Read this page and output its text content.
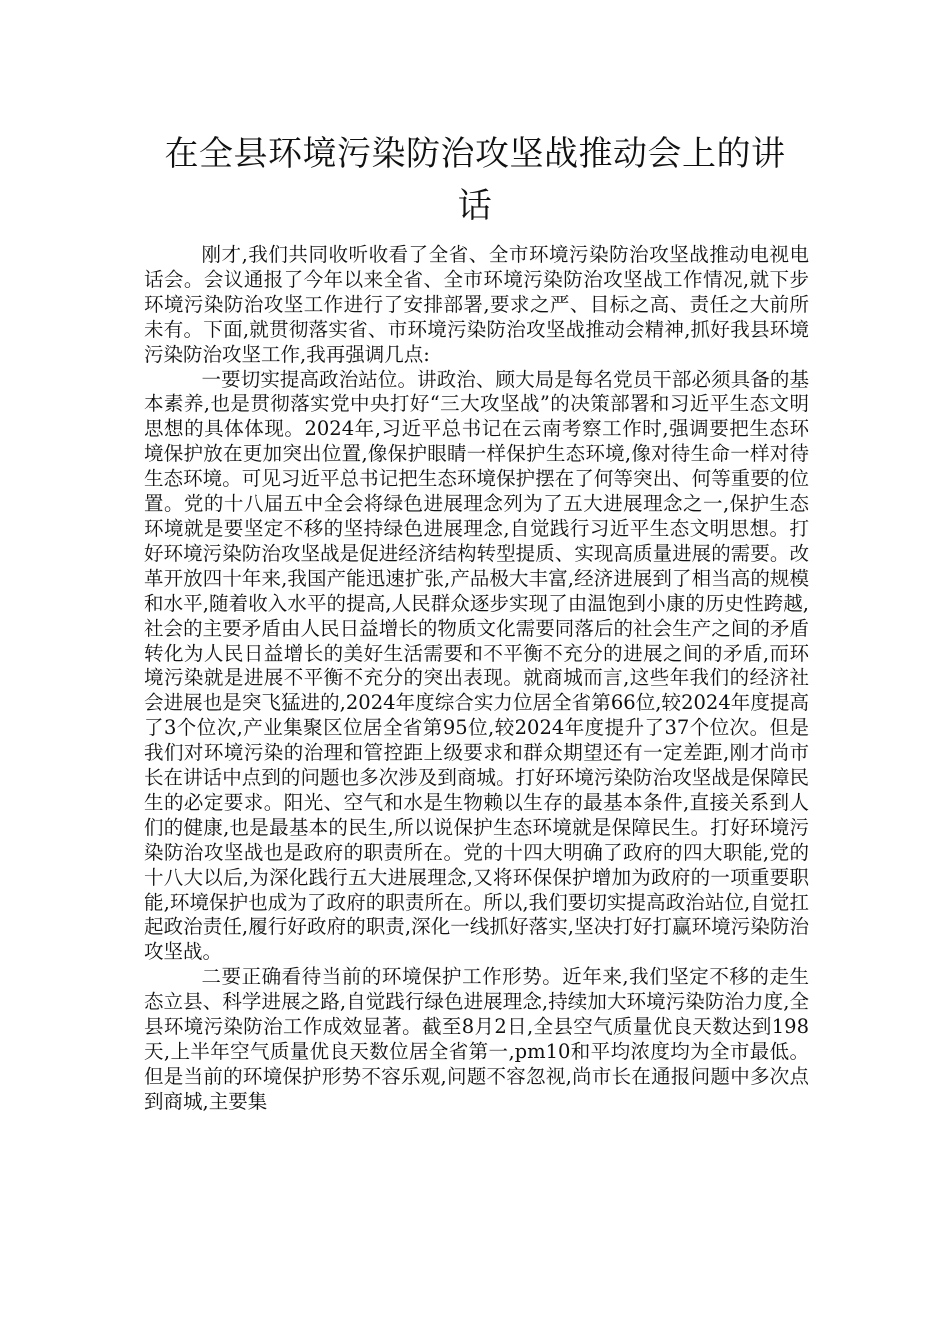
在全县环境污染防治攻坚战推动会上的讲话

刚才,我们共同收听收看了全省、全市环境污染防治攻坚战推动电视电话会。会议通报了今年以来全省、全市环境污染防治攻坚战工作情况,就下步环境污染防治攻坚工作进行了安排部署,要求之严、目标之高、责任之大前所未有。下面,就贯彻落实省、市环境污染防治攻坚战推动会精神,抓好我县环境污染防治攻坚工作,我再强调几点:

一要切实提高政治站位。讲政治、顾大局是每名党员干部必须具备的基本素养,也是贯彻落实党中央打好“三大攻坚战”的决策部署和习近平生态文明思想的具体体现。2024年,习近平总书记在云南考察工作时,强调要把生态环境保护放在更加突出位置,像保护眼睛一样保护生态环境,像对待生命一样对待生态环境。可见习近平总书记把生态环境保护摆在了何等突出、何等重要的位置。党的十八届五中全会将绿色进展理念列为了五大进展理念之一,保护生态环境就是要坚定不移的坚持绿色进展理念,自觉践行习近平生态文明思想。打好环境污染防治攻坚战是促进经济结构转型提质、实现高质量进展的需要。改革开放四十年来,我国产能迅速扩张,产品极大丰富,经济进展到了相当高的规模和水平,随着收入水平的提高,人民群众逐步实现了由温饱到小康的历史性跨越,社会的主要矛盾由人民日益增长的物质文化需要同落后的社会生产之间的矛盾转化为人民日益增长的美好生活需要和不平衡不充分的进展之间的矛盾,而环境污染就是进展不平衡不充分的突出表现。就商城而言,这些年我们的经济社会进展也是突飞猛进的,2024年度综合实力位居全省第66位,较2024年度提高了3个位次,产业集聚区位居全省第95位,较2024年度提升了37个位次。但是我们对环境污染的治理和管控距上级要求和群众期望还有一定差距,刚才尚市长在讲话中点到的问题也多次涉及到商城。打好环境污染防治攻坚战是保障民生的必定要求。阳光、空气和水是生物赖以生存的最基本条件,直接关系到人们的健康,也是最基本的民生,所以说保护生态环境就是保障民生。打好环境污染防治攻坚战也是政府的职责所在。党的十四大明确了政府的四大职能,党的十八大以后,为深化践行五大进展理念,又将环保保护增加为政府的一项重要职能,环境保护也成为了政府的职责所在。所以,我们要切实提高政治站位,自觉扛起政治责任,履行好政府的职责,深化一线抓好落实,坚决打好打赢环境污染防治攻坚战。

二要正确看待当前的环境保护工作形势。近年来,我们坚定不移的走生态立县、科学进展之路,自觉践行绿色进展理念,持续加大环境污染防治力度,全县环境污染防治工作成效显著。截至8月2日,全县空气质量优良天数达到198天,上半年空气质量优良天数位居全省第一,pm10和平均浓度均为全市最低。但是当前的环境保护形势不容乐观,问题不容忽视,尚市长在通报问题中多次点到商城,主要集
